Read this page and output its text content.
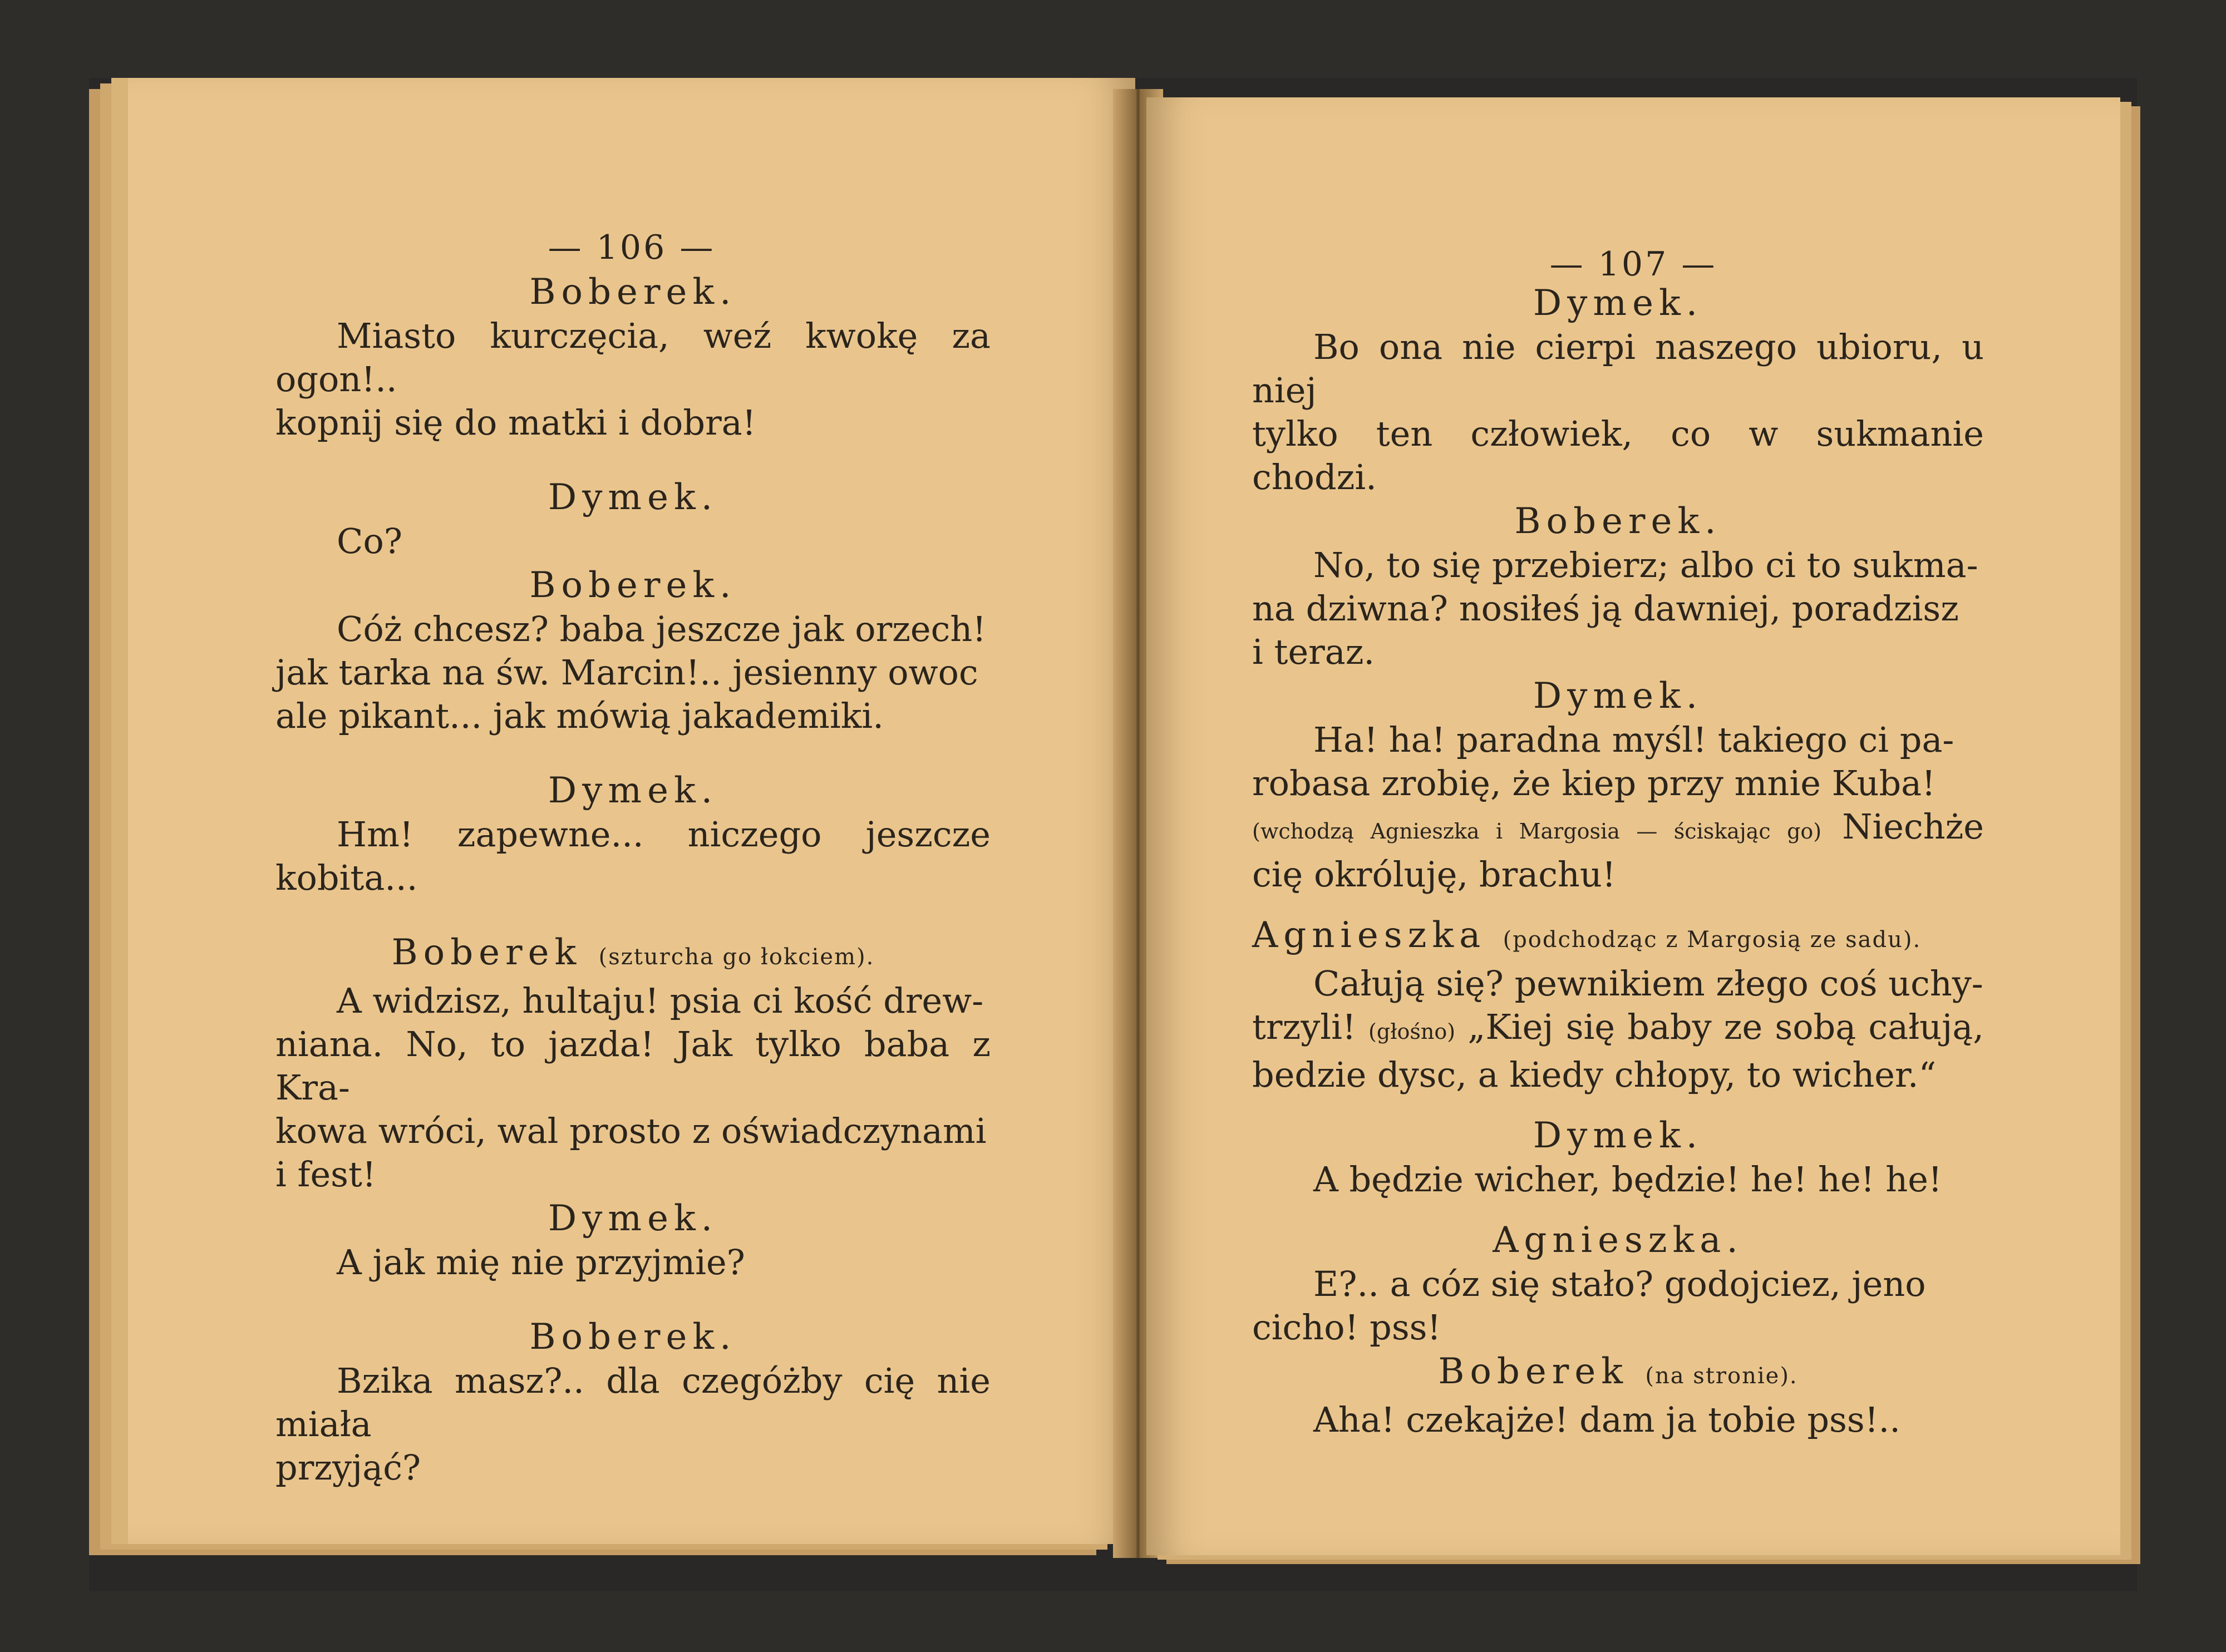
— 106 —
Boberek.
Miasto kurczęcia, weź kwokę za ogon!..
kopnij się do matki i dobra!
Dymek.
Co?
Boberek.
Cóż chcesz? baba jeszcze jak orzech!
jak tarka na św. Marcin!.. jesienny owoc
ale pikant... jak mówią jakademiki.
Dymek.
Hm! zapewne... niczego jeszcze kobita...
Boberek (szturcha go łokciem).
A widzisz, hultaju! psia ci kość drew-
niana. No, to jazda! Jak tylko baba z Kra-
kowa wróci, wal prosto z oświadczynami
i fest!
Dymek.
A jak mię nie przyjmie?
Boberek.
Bzika masz?.. dla czegóżby cię nie miała
przyjąć?
— 107 —
Dymek.
Bo ona nie cierpi naszego ubioru, u niej
tylko ten człowiek, co w sukmanie chodzi.
Boberek.
No, to się przebierz; albo ci to sukma-
na dziwna? nosiłeś ją dawniej, poradzisz
i teraz.
Dymek.
Ha! ha! paradna myśl! takiego ci pa-
robasa zrobię, że kiep przy mnie Kuba!
(wchodzą Agnieszka i Margosia — ściskając go) Niechże
cię okróluję, brachu!
Agnieszka (podchodząc z Margosią ze sadu).
Całują się? pewnikiem złego coś uchy-
trzyli! (głośno) „Kiej się baby ze sobą całują,
bedzie dysc, a kiedy chłopy, to wicher.“
Dymek.
A będzie wicher, będzie! he! he! he!
Agnieszka.
E?.. a cóz się stało? godojciez, jeno
cicho! pss!
Boberek (na stronie).
Aha! czekajże! dam ja tobie pss!..
